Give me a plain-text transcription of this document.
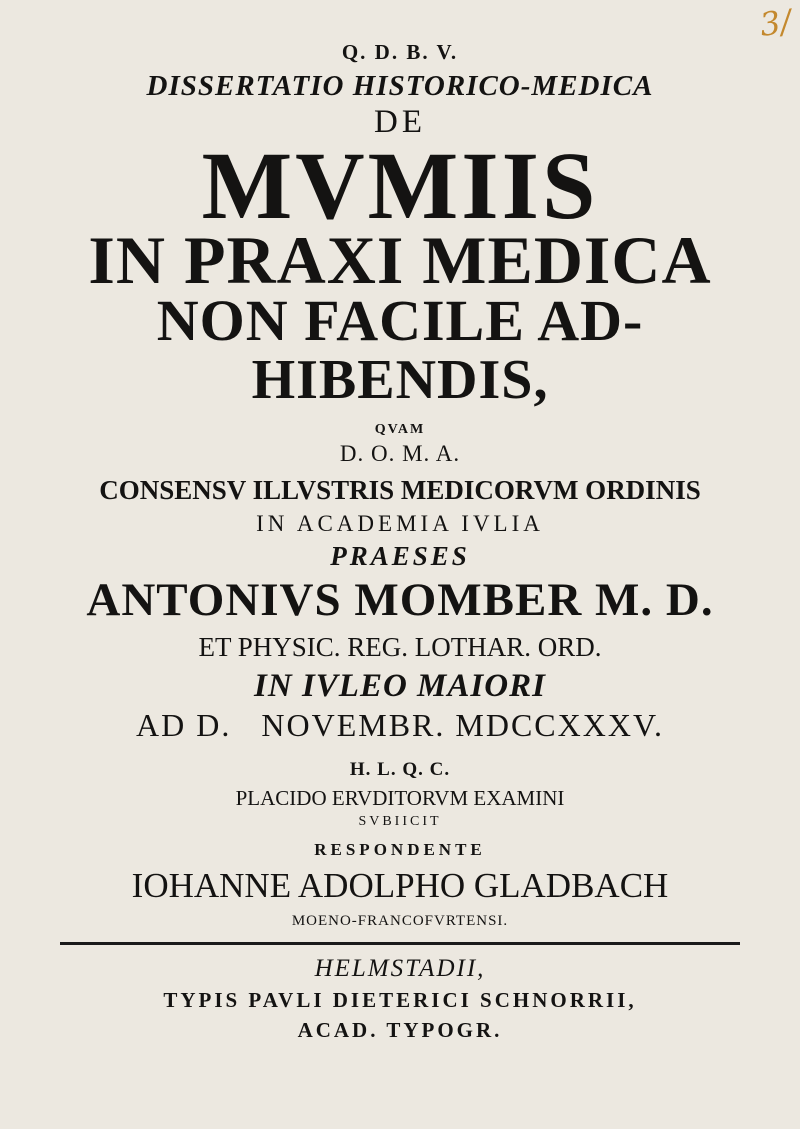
3/
Q. D. B. V.
DISSERTATIO HISTORICO-MEDICA
DE
MVMIIS
IN PRAXI MEDICA
NON FACILE AD-
HIBENDIS,
QVAM
D. O. M. A.
CONSENSV ILLVSTRIS MEDICORVM ORDINIS
IN ACADEMIA IVLIA
PRAESES
ANTONIVS MOMBER M. D.
ET PHYSIC. REG. LOTHAR. ORD.
IN IVLEO MAIORI
AD D.   NOVEMBR. MDCCXXXV.
H. L. Q. C.
PLACIDO ERVDITORVM EXAMINI
SVBIICIT
RESPONDENTE
IOHANNE ADOLPHO GLADBACH
MOENO-FRANCOFVRTENSI.
HELMSTADII,
TYPIS PAVLI DIETERICI SCHNORRII,
ACAD. TYPOGR.
